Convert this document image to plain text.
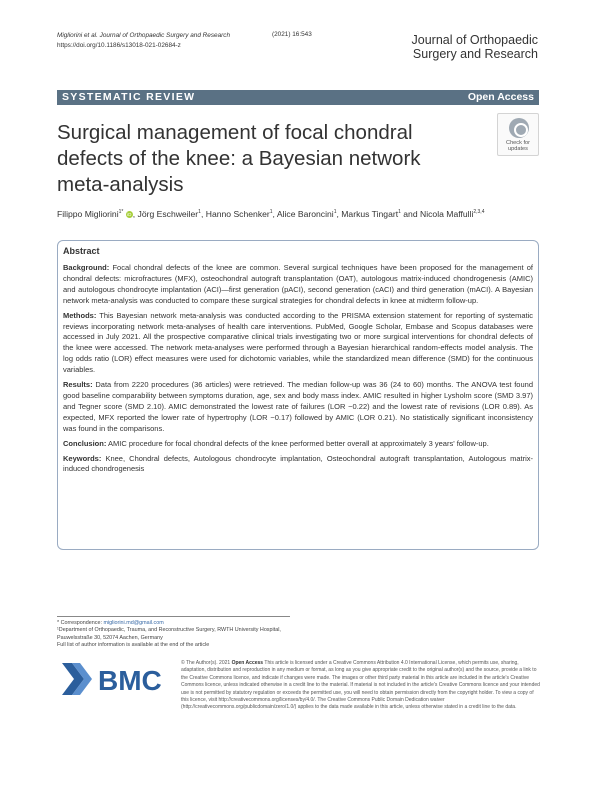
Migliorini et al. Journal of Orthopaedic Surgery and Research
https://doi.org/10.1186/s13018-021-02684-z
(2021) 16:543	Journal of Orthopaedic
Surgery and Research
SYSTEMATIC REVIEW	Open Access
Surgical management of focal chondral defects of the knee: a Bayesian network meta-analysis
Check for
updates
Filippo Migliorini$^{1*}$ iD, Jörg Eschweiler$^1$, Hanno Schenker$^1$, Alice Baroncini$^1$, Markus Tingart$^1$ and Nicola Maffulli$^{2,3,4}$
Abstract

Background: Focal chondral defects of the knee are common. Several surgical techniques have been proposed for the management of chondral defects: microfractures (MFX), osteochondral autograft transplantation (OAT), autologous matrix-induced chondrogenesis (AMIC) and autologous chondrocyte implantation (ACI)—first generation (pACI), second generation (cACI) and third generation (mACI). A Bayesian network meta-analysis was conducted to compare these surgical strategies for chondral defects in knee at midterm follow-up.

Methods: This Bayesian network meta-analysis was conducted according to the PRISMA extension statement for reporting of systematic reviews incorporating network meta-analyses of health care interventions. PubMed, Google Scholar, Embase and Scopus databases were accessed in July 2021. All the prospective comparative clinical trials investigating two or more surgical interventions for chondral defects of the knee were accessed. The network meta-analyses were performed through a Bayesian hierarchical random-effects model analysis. The log odds ratio (LOR) effect measures were used for dichotomic variables, while the standardized mean difference (SMD) for the continuous variables.

Results: Data from 2220 procedures (36 articles) were retrieved. The median follow-up was 36 (24 to 60) months. The ANOVA test found good baseline comparability between symptoms duration, age, sex and body mass index. AMIC resulted in higher Lysholm score (SMD 3.97) and Tegner score (SMD 2.10). AMIC demonstrated the lowest rate of failures (LOR −0.22) and the lowest rate of revisions (LOR 0.89). As expected, MFX reported the lower rate of hypertrophy (LOR −0.17) followed by AMIC (LOR 0.21). No statistically significant inconsistency was found in the comparisons.

Conclusion: AMIC procedure for focal chondral defects of the knee performed better overall at approximately 3 years' follow-up.

Keywords: Knee, Chondral defects, Autologous chondrocyte implantation, Osteochondral autograft transplantation, Autologous matrix-induced chondrogenesis

* Correspondence: migliorini.md@gmail.com
¹Department of Orthopaedic, Trauma, and Reconstructive Surgery, RWTH University Hospital, Pauwelsstraße 30, 52074 Aachen, Germany
Full list of author information is available at the end of the article
BMC
© The Author(s). 2021 Open Access This article is licensed under a Creative Commons Attribution 4.0 International License, which permits use, sharing, adaptation, distribution and reproduction in any medium or format, as long as you give appropriate credit to the original author(s) and the source, provide a link to the Creative Commons licence, and indicate if changes were made. The images or other third party material in this article are included in the article's Creative Commons licence, unless indicated otherwise in a credit line to the material. If material is not included in the article's Creative Commons licence and your intended use is not permitted by statutory regulation or exceeds the permitted use, you will need to obtain permission directly from the copyright holder. To view a copy of this licence, visit http://creativecommons.org/licenses/by/4.0/. The Creative Commons Public Domain Dedication waiver (http://creativecommons.org/publicdomain/zero/1.0/) applies to the data made available in this article, unless otherwise stated in a credit line to the data.
